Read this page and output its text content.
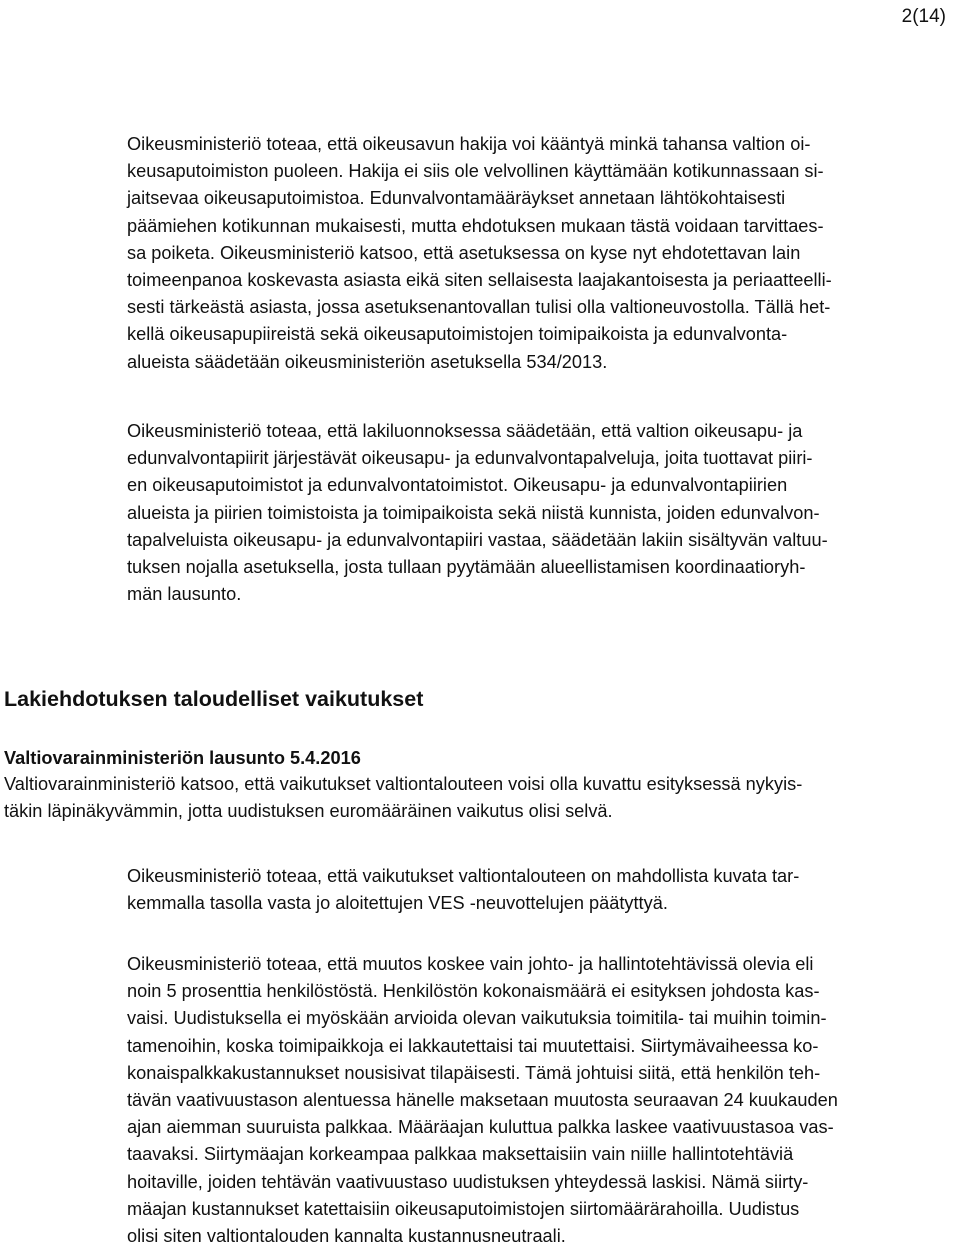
2(14)
Oikeusministeriö toteaa, että oikeusavun hakija voi kääntyä minkä tahansa valtion oi-
keusaputoimiston puoleen. Hakija ei siis ole velvollinen käyttämään kotikunnassaan si-
jaitsevaa oikeusaputoimistoa. Edunvalvontamääräykset annetaan lähtökohtaisesti
päämiehen kotikunnan mukaisesti, mutta ehdotuksen mukaan tästä voidaan tarvittaes-
sa poiketa. Oikeusministeriö katsoo, että asetuksessa on kyse nyt ehdotettavan lain
toimeenpanoa koskevasta asiasta eikä siten sellaisesta laajakantoisesta ja periaatteelli-
sesti tärkeästä asiasta, jossa asetuksenantovallan tulisi olla valtioneuvostolla. Tällä het-
kellä oikeusapupiireistä sekä oikeusaputoimistojen toimipaikoista ja edunvalvonta-
alueista säädetään oikeusministeriön asetuksella 534/2013.
Oikeusministeriö toteaa, että lakiluonnoksessa säädetään, että valtion oikeusapu- ja
edunvalvontapiirit järjestävät oikeusapu- ja edunvalvontapalveluja, joita tuottavat piiri-
en oikeusaputoimistot ja edunvalvontatoimistot. Oikeusapu- ja edunvalvontapiirien
alueista ja piirien toimistoista ja toimipaikoista sekä niistä kunnista, joiden edunvalvon-
tapalveluista oikeusapu- ja edunvalvontapiiri vastaa, säädetään lakiin sisältyvän valtuu-
tuksen nojalla asetuksella, josta tullaan pyytämään alueellistamisen koordinaatioryh-
män lausunto.
Lakiehdotuksen taloudelliset vaikutukset
Valtiovarainministeriön lausunto 5.4.2016
Valtiovarainministeriö katsoo, että vaikutukset valtiontalouteen voisi olla kuvattu esityksessä nykyis-
täkin läpinäkyvämmin, jotta uudistuksen euromääräinen vaikutus olisi selvä.
Oikeusministeriö toteaa, että vaikutukset valtiontalouteen on mahdollista kuvata tar-
kemmalla tasolla vasta jo aloitettujen VES -neuvottelujen päätyttyä.
Oikeusministeriö toteaa, että muutos koskee vain johto- ja hallintotehtävissä olevia eli
noin 5 prosenttia henkilöstöstä. Henkilöstön kokonaismäärä ei esityksen johdosta kas-
vaisi. Uudistuksella ei myöskään arvioida olevan vaikutuksia toimitila- tai muihin toimin-
tamenoihin, koska toimipaikkoja ei lakkautettaisi tai muutettaisi. Siirtymävaiheessa ko-
konaispalkkakustannukset nousisivat tilapäisesti. Tämä johtuisi siitä, että henkilön teh-
tävän vaativuustason alentuessa hänelle maksetaan muutosta seuraavan 24 kuukauden
ajan aiemman suuruista palkkaa. Määräajan kuluttua palkka laskee vaativuustasoa vas-
taavaksi. Siirtymäajan korkeampaa palkkaa maksettaisiin vain niille hallintotehtäviä
hoitaville, joiden tehtävän vaativuustaso uudistuksen yhteydessä laskisi. Nämä siirty-
mäajan kustannukset katettaisiin oikeusaputoimistojen siirtomäärärahoilla. Uudistus
olisi siten valtiontalouden kannalta kustannusneutraali.
